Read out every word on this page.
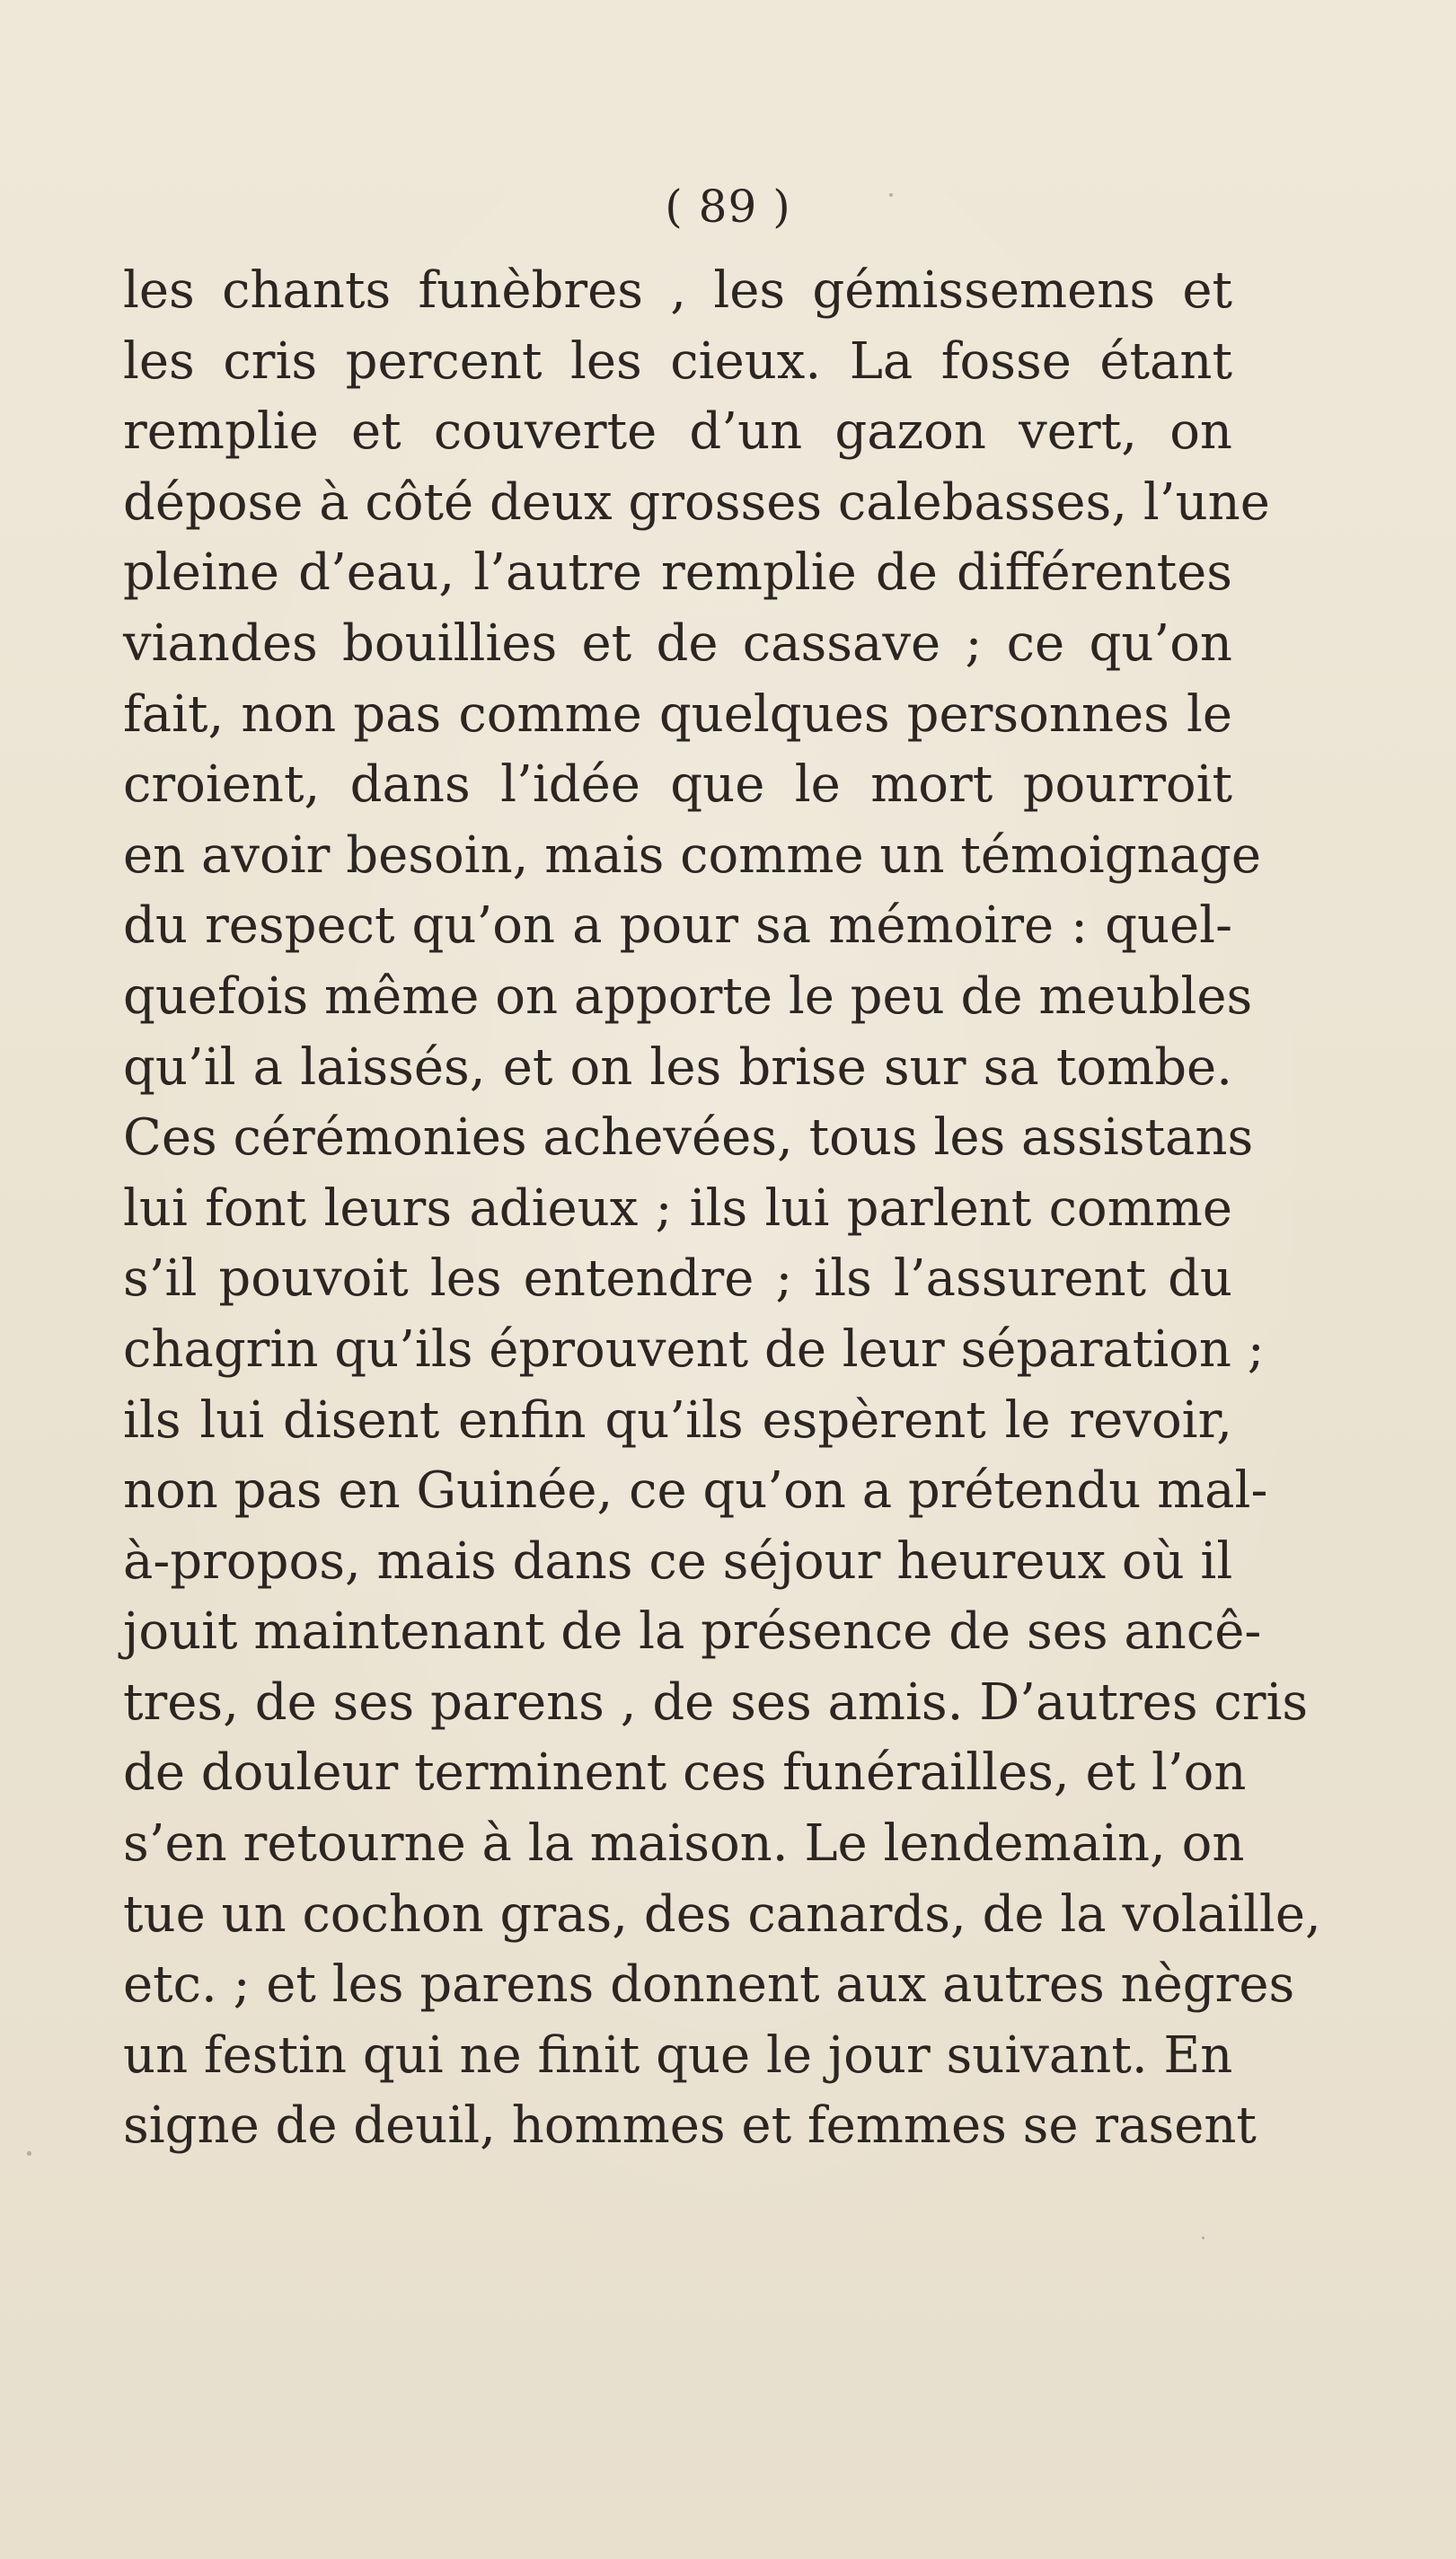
( 89 )
les chants funèbres , les gémissemens et
les cris percent les cieux. La fosse étant
remplie et couverte d’un gazon vert, on
dépose à côté deux grosses calebasses, l’une
pleine d’eau, l’autre remplie de différentes
viandes bouillies et de cassave ; ce qu’on
fait, non pas comme quelques personnes le
croient, dans l’idée que le mort pourroit
en avoir besoin, mais comme un témoignage
du respect qu’on a pour sa mémoire : quel-
quefois même on apporte le peu de meubles
qu’il a laissés, et on les brise sur sa tombe.
Ces cérémonies achevées, tous les assistans
lui font leurs adieux ; ils lui parlent comme
s’il pouvoit les entendre ; ils l’assurent du
chagrin qu’ils éprouvent de leur séparation ;
ils lui disent enfin qu’ils espèrent le revoir,
non pas en Guinée, ce qu’on a prétendu mal-
à-propos, mais dans ce séjour heureux où il
jouit maintenant de la présence de ses ancê-
tres, de ses parens , de ses amis. D’autres cris
de douleur terminent ces funérailles, et l’on
s’en retourne à la maison. Le lendemain, on
tue un cochon gras, des canards, de la volaille,
etc. ; et les parens donnent aux autres nègres
un festin qui ne finit que le jour suivant. En
signe de deuil, hommes et femmes se rasent
